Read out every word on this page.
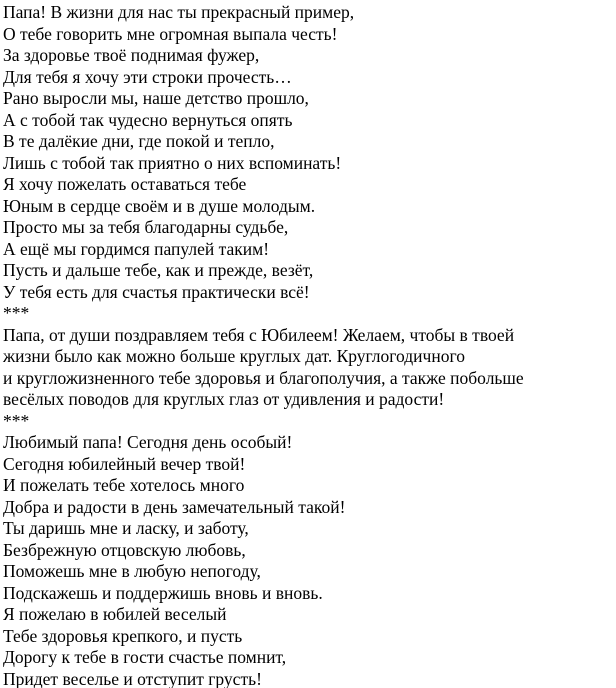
Папа! В жизни для нас ты прекрасный пример,
О тебе говорить мне огромная выпала честь!
За здоровье твоё поднимая фужер,
Для тебя я хочу эти строки прочесть…
Рано выросли мы, наше детство прошло,
А с тобой так чудесно вернуться опять
В те далёкие дни, где покой и тепло,
Лишь с тобой так приятно о них вспоминать!
Я хочу пожелать оставаться тебе
Юным в сердце своём и в душе молодым.
Просто мы за тебя благодарны судьбе,
А ещё мы гордимся папулей таким!
Пусть и дальше тебе, как и прежде, везёт,
У тебя есть для счастья практически всё!
***
Папа, от души поздравляем тебя с Юбилеем! Желаем, чтобы в твоей
жизни было как можно больше круглых дат. Круглогодичного
и кругложизненного тебе здоровья и благополучия, а также побольше
весёлых поводов для круглых глаз от удивления и радости!
***
Любимый папа! Сегодня день особый!
Сегодня юбилейный вечер твой!
И пожелать тебе хотелось много
Добра и радости в день замечательный такой!
Ты даришь мне и ласку, и заботу,
Безбрежную отцовскую любовь,
Поможешь мне в любую непогоду,
Подскажешь и поддержишь вновь и вновь.
Я пожелаю в юбилей веселый
Тебе здоровья крепкого, и пусть
Дорогу к тебе в гости счастье помнит,
Придет веселье и отступит грусть!
